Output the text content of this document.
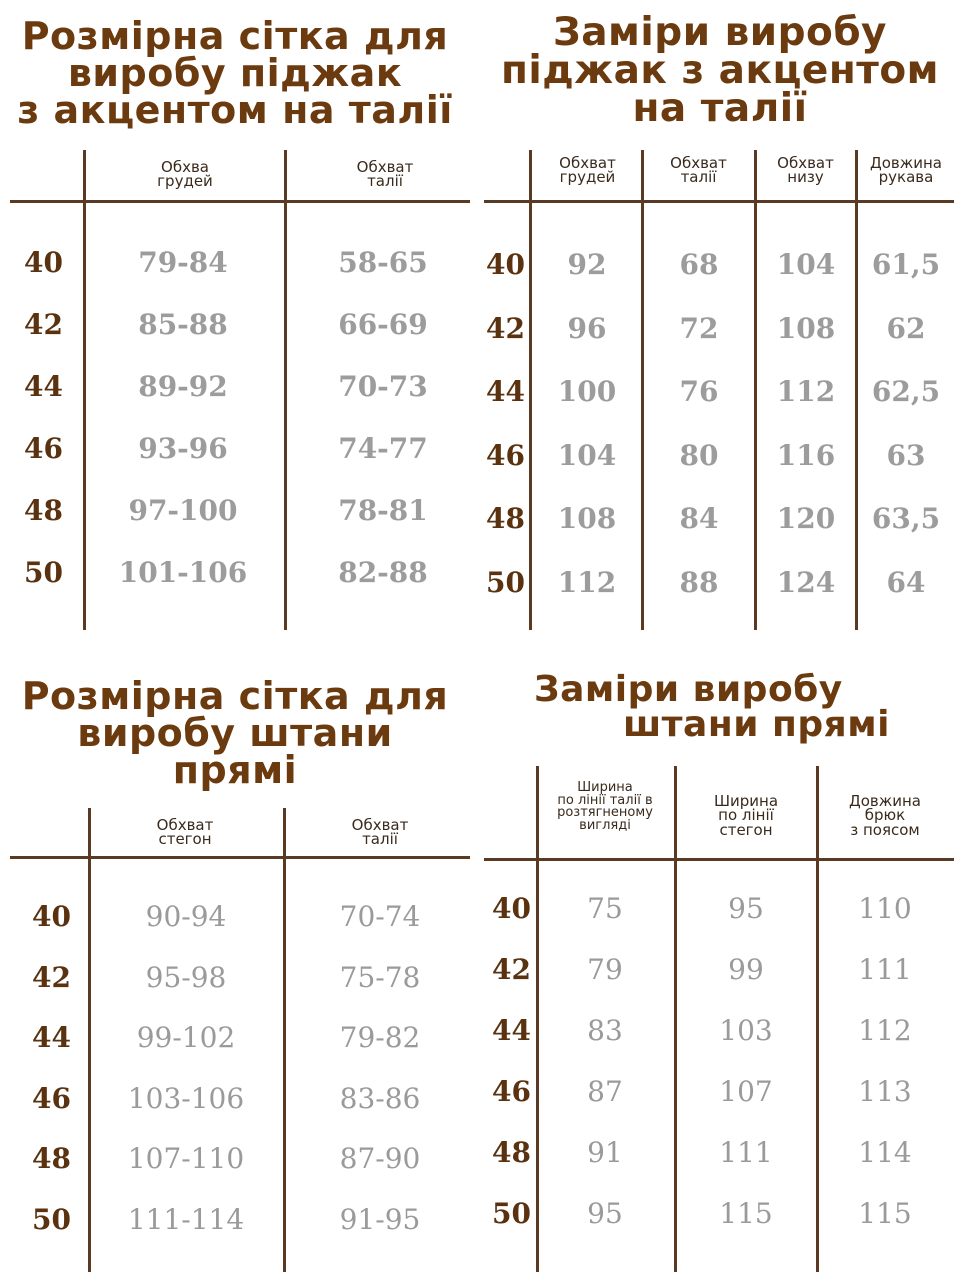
Розмірна сітка для
виробу піджак
з акцентом на талії
Обхва
грудей
Обхват
талії
40	79-84	58-65
42	85-88	66-69
44	89-92	70-73
46	93-96	74-77
48	97-100	78-81
50	101-106	82-88
Заміри виробу
піджак з акцентом
на талії
Обхват
грудей
Обхват
талії
Обхват
низу
Довжина
рукава
40	92	68	104	61,5
42	96	72	108	62
44	100	76	112	62,5
46	104	80	116	63
48	108	84	120	63,5
50	112	88	124	64
Розмірна сітка для
виробу штани
прямі
Обхват
стегон
Обхват
талії
40	90-94	70-74
42	95-98	75-78
44	99-102	79-82
46	103-106	83-86
48	107-110	87-90
50	111-114	91-95
Заміри виробу
штани прямі
Ширина
по лінії талії в
розтягненому
вигляді
Ширина
по лінії
стегон
Довжина
брюк
з поясом
40	75	95	110
42	79	99	111
44	83	103	112
46	87	107	113
48	91	111	114
50	95	115	115
